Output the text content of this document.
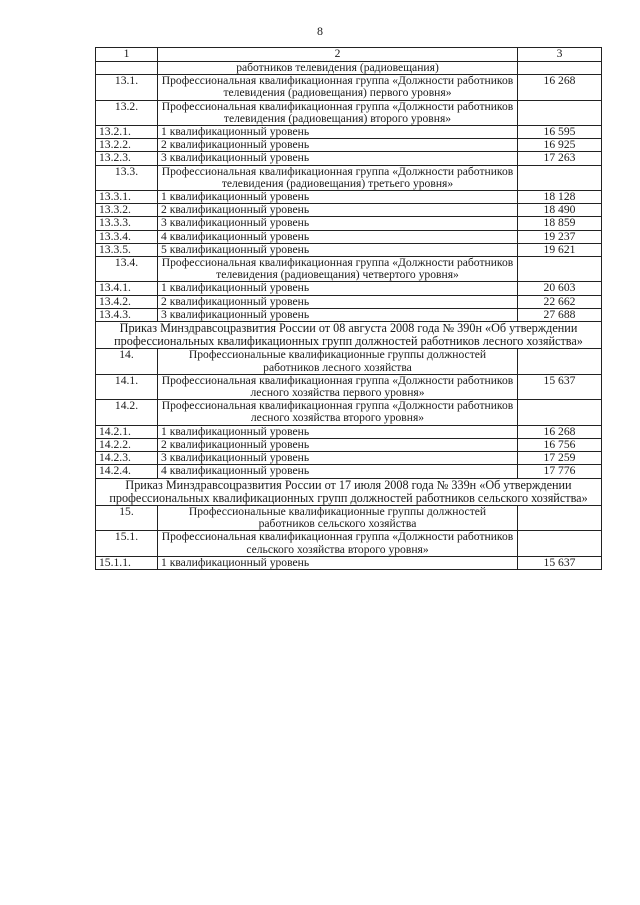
8
1	2	3
	работников телевидения (радиовещания)	
13.1.	Профессиональная квалификационная группа «Должности работников телевидения (радиовещания) первого уровня»	16 268
13.2.	Профессиональная квалификационная группа «Должности работников телевидения (радиовещания) второго уровня»	
13.2.1.	1 квалификационный уровень	16 595
13.2.2.	2 квалификационный уровень	16 925
13.2.3.	3 квалификационный уровень	17 263
13.3.	Профессиональная квалификационная группа «Должности работников телевидения (радиовещания) третьего уровня»	
13.3.1.	1 квалификационный уровень	18 128
13.3.2.	2 квалификационный уровень	18 490
13.3.3.	3 квалификационный уровень	18 859
13.3.4.	4 квалификационный уровень	19 237
13.3.5.	5 квалификационный уровень	19 621
13.4.	Профессиональная квалификационная группа «Должности работников телевидения (радиовещания) четвертого уровня»	
13.4.1.	1 квалификационный уровень	20 603
13.4.2.	2 квалификационный уровень	22 662
13.4.3.	3 квалификационный уровень	27 688
Приказ Минздравсоцразвития России от 08 августа 2008 года № 390н «Об утверждении профессиональных квалификационных групп должностей работников лесного хозяйства»		
14.	Профессиональные квалификационные группы должностей работников лесного хозяйства	
14.1.	Профессиональная квалификационная группа «Должности работников лесного хозяйства первого уровня»	15 637
14.2.	Профессиональная квалификационная группа «Должности работников лесного хозяйства второго уровня»	
14.2.1.	1 квалификационный уровень	16 268
14.2.2.	2 квалификационный уровень	16 756
14.2.3.	3 квалификационный уровень	17 259
14.2.4.	4 квалификационный уровень	17 776
Приказ Минздравсоцразвития России от 17 июля 2008 года № 339н «Об утверждении профессиональных квалификационных групп должностей работников сельского хозяйства»		
15.	Профессиональные квалификационные группы должностей работников сельского хозяйства	
15.1.	Профессиональная квалификационная группа «Должности работников сельского хозяйства второго уровня»	
15.1.1.	1 квалификационный уровень	15 637
